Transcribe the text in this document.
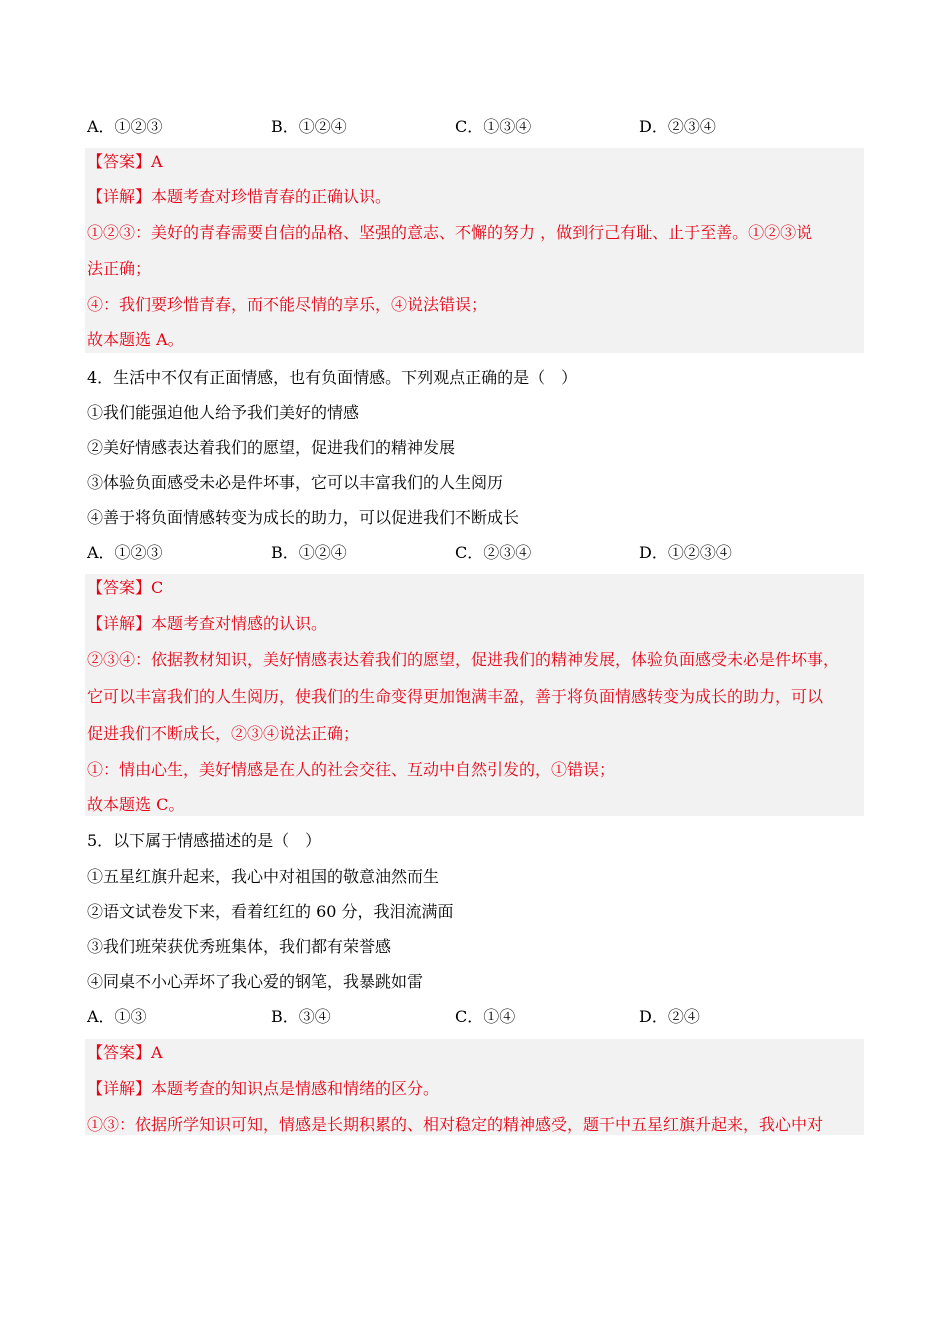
A．①②③	B．①②④	C．①③④	D．②③④
【答案】A
【详解】本题考查对珍惜青春的正确认识。
①②③：美好的青春需要自信的品格、坚强的意志、不懈的努力 ，做到行己有耻、止于至善。①②③说
法正确；
④：我们要珍惜青春，而不能尽情的享乐，④说法错误；
故本题选 A。
4．生活中不仅有正面情感，也有负面情感。下列观点正确的是（　）
①我们能强迫他人给予我们美好的情感
②美好情感表达着我们的愿望，促进我们的精神发展
③体验负面感受未必是件坏事，它可以丰富我们的人生阅历
④善于将负面情感转变为成长的助力，可以促进我们不断成长
A．①②③	B．①②④	C．②③④	D．①②③④
【答案】C
【详解】本题考查对情感的认识。
②③④：依据教材知识，美好情感表达着我们的愿望，促进我们的精神发展，体验负面感受未必是件坏事，
它可以丰富我们的人生阅历，使我们的生命变得更加饱满丰盈，善于将负面情感转变为成长的助力，可以
促进我们不断成长，②③④说法正确；
①：情由心生，美好情感是在人的社会交往、互动中自然引发的，①错误；
故本题选 C。
5．以下属于情感描述的是（　）
①五星红旗升起来，我心中对祖国的敬意油然而生
②语文试卷发下来，看着红红的 60 分，我泪流满面
③我们班荣获优秀班集体，我们都有荣誉感
④同桌不小心弄坏了我心爱的钢笔，我暴跳如雷
A．①③	B．③④	C．①④	D．②④
【答案】A
【详解】本题考查的知识点是情感和情绪的区分。
①③：依据所学知识可知，情感是长期积累的、相对稳定的精神感受，题干中五星红旗升起来，我心中对
